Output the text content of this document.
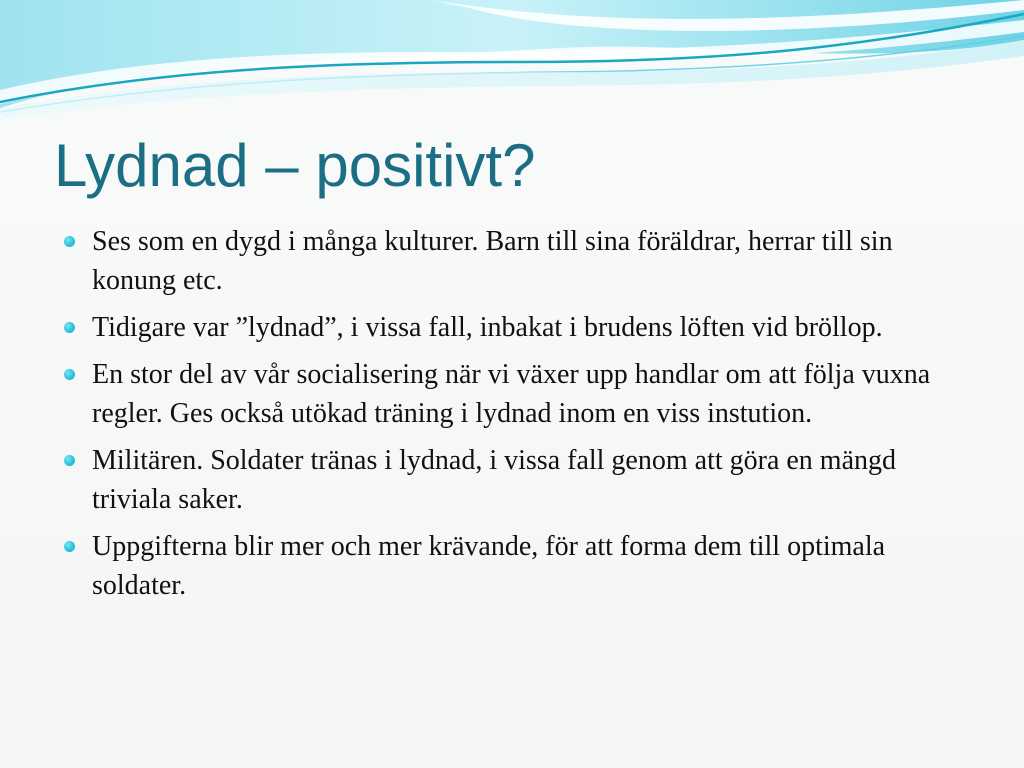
Lydnad – positivt?
Ses som en dygd i många kulturer. Barn till sina föräldrar, herrar till sin konung etc.
Tidigare var ”lydnad”, i vissa fall, inbakat i brudens löften vid bröllop.
En stor del av vår socialisering när vi växer upp handlar om att följa vuxna regler. Ges också utökad träning i lydnad inom en viss instution.
Militären. Soldater tränas i lydnad, i vissa fall genom att göra en mängd triviala saker.
Uppgifterna blir mer och mer krävande, för att forma dem till optimala soldater.
